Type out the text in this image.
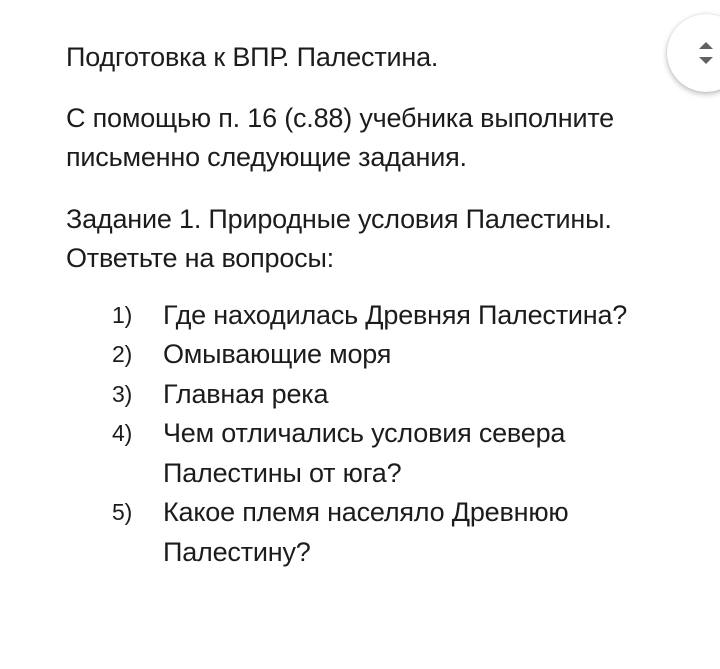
Подготовка к ВПР. Палестина.

С помощью п. 16 (с.88) учебника выполните письменно следующие задания.

Задание 1. Природные условия Палестины. Ответьте на вопросы:

1) Где находилась Древняя Палестина?
2) Омывающие моря
3) Главная река
4) Чем отличались условия севера Палестины от юга?
5) Какое племя населяло Древнюю Палестину?
